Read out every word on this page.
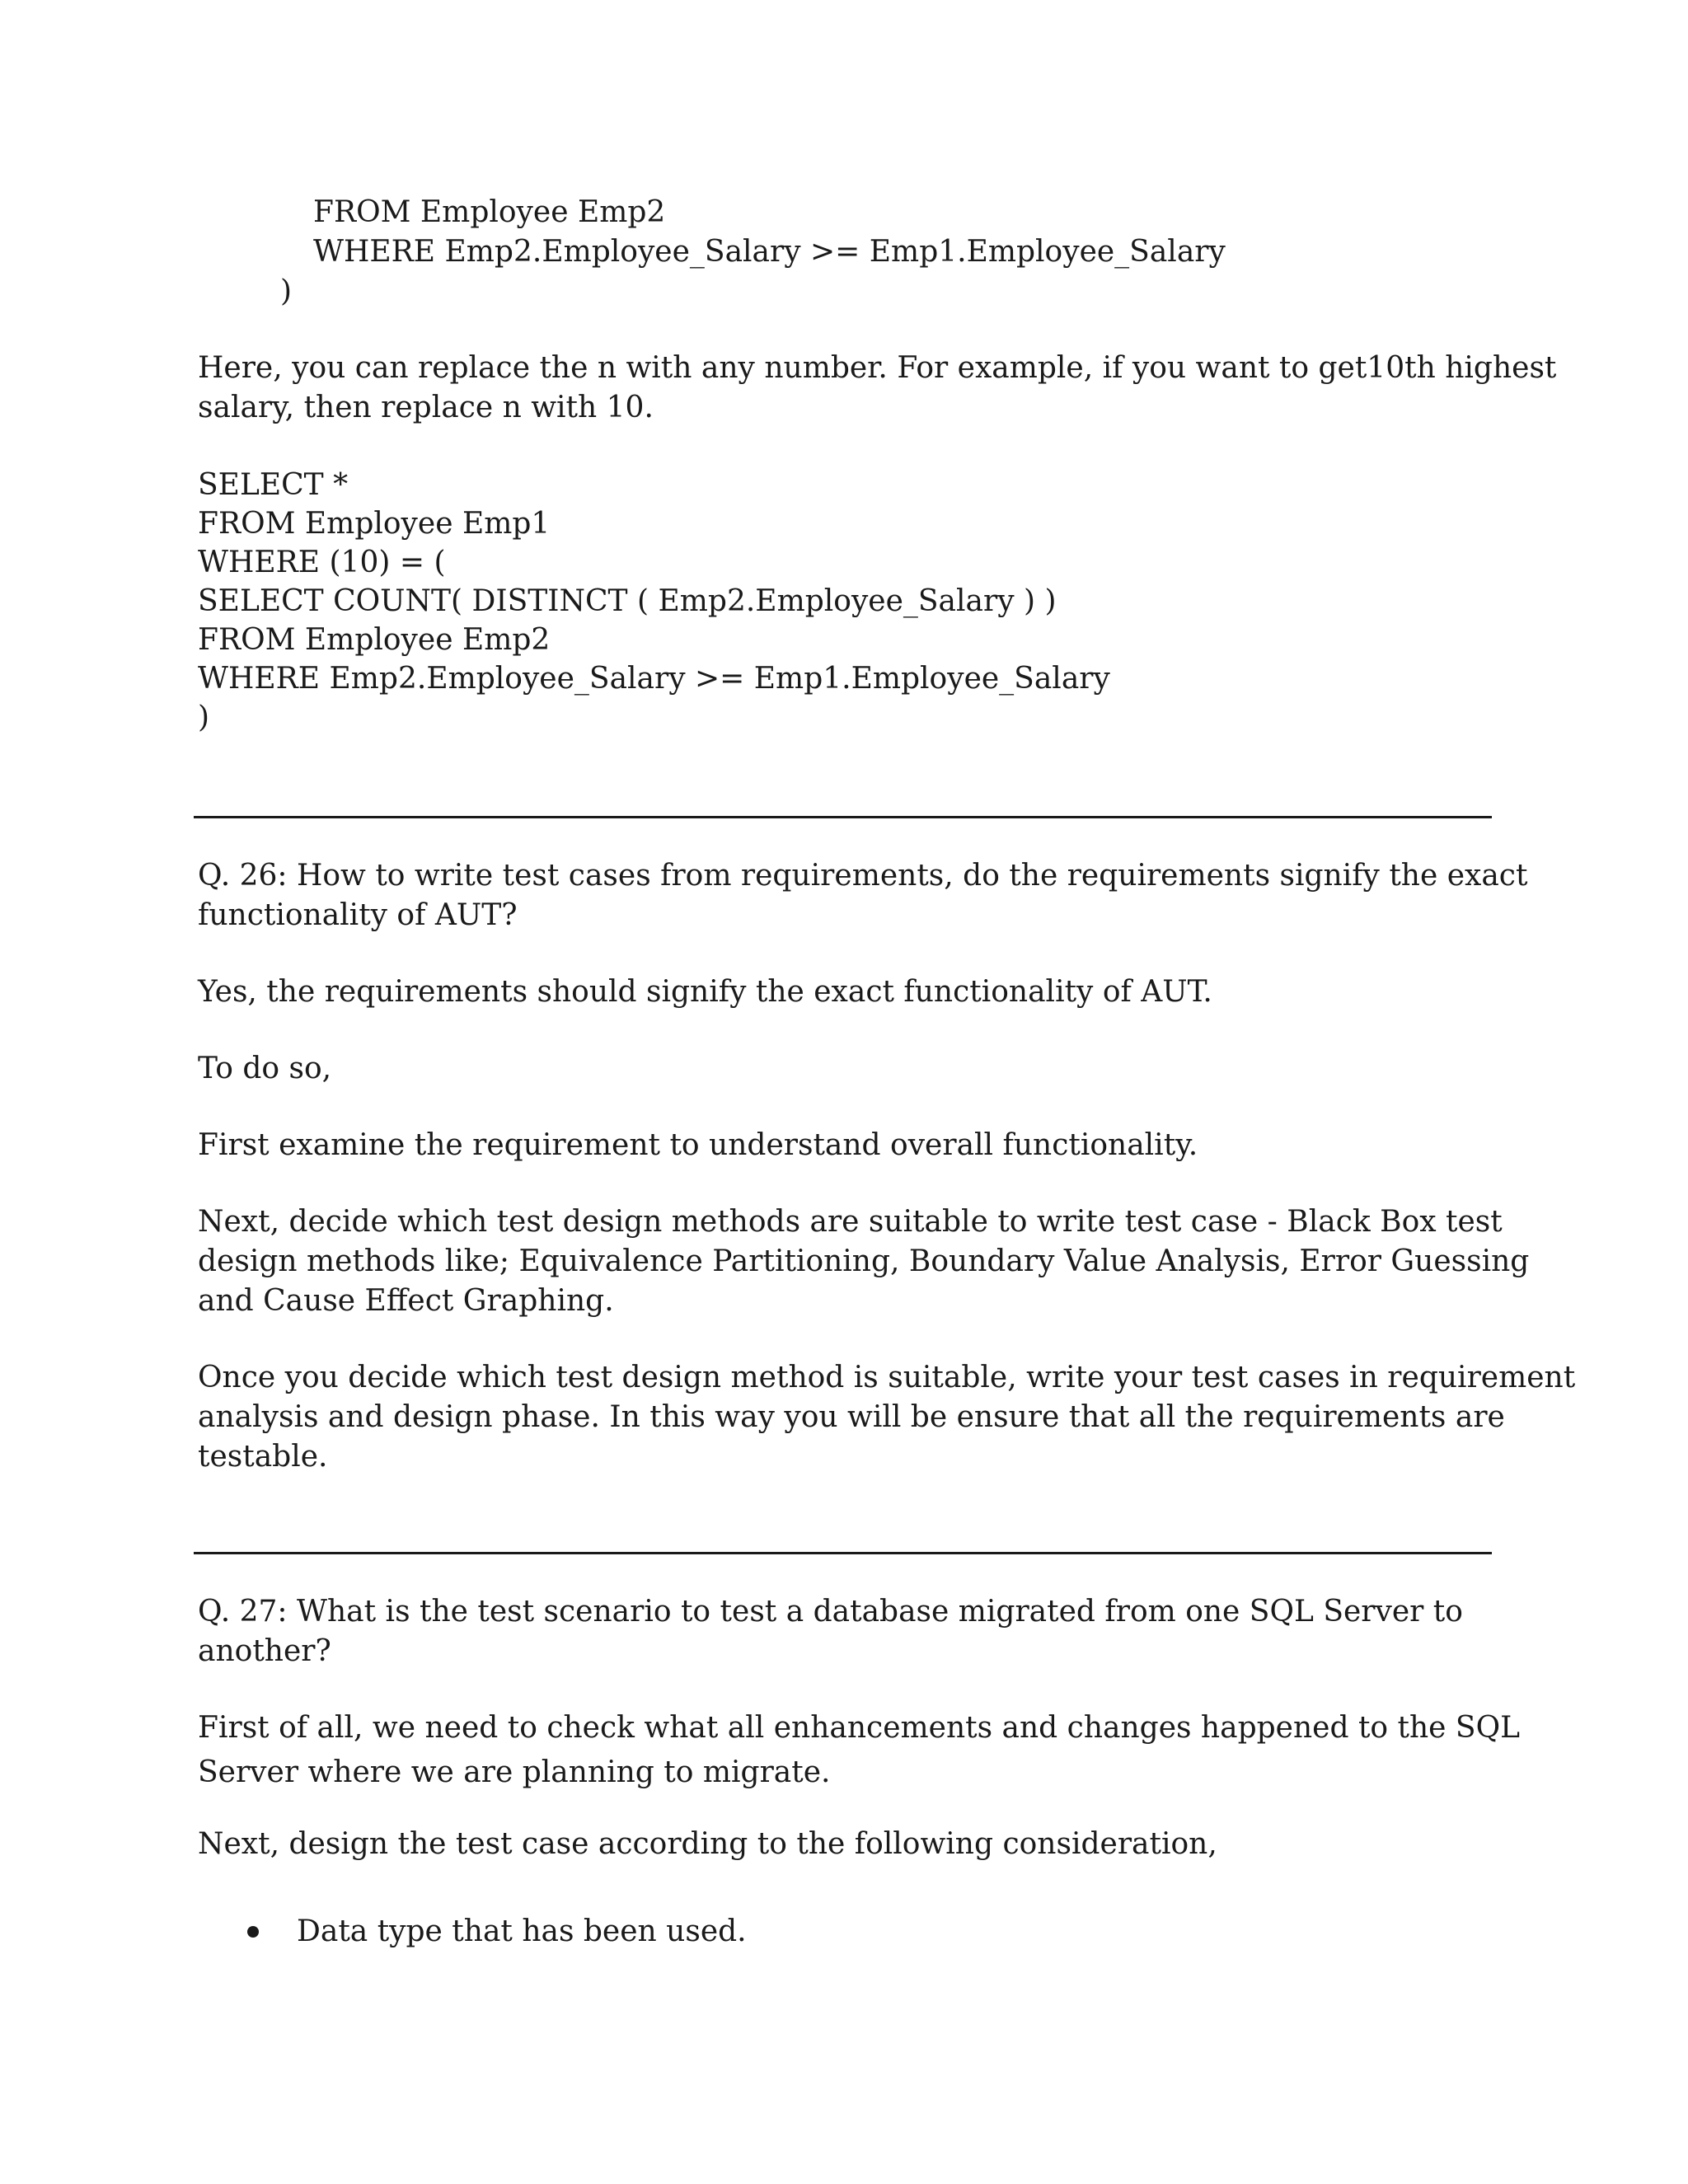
FROM Employee Emp2

WHERE Emp2.Employee_Salary >= Emp1.Employee_Salary

)

Here, you can replace the n with any number. For example, if you want to get10th highest

salary, then replace n with 10.

SELECT *

FROM Employee Emp1

WHERE (10) = (

SELECT COUNT( DISTINCT ( Emp2.Employee_Salary ) )

FROM Employee Emp2

WHERE Emp2.Employee_Salary >= Emp1.Employee_Salary

)

Q. 26: How to write test cases from requirements, do the requirements signify the exact

functionality of AUT?

Yes, the requirements should signify the exact functionality of AUT.

To do so,

First examine the requirement to understand overall functionality.

Next, decide which test design methods are suitable to write test case - Black Box test

design methods like; Equivalence Partitioning, Boundary Value Analysis, Error Guessing

and Cause Effect Graphing.

Once you decide which test design method is suitable, write your test cases in requirement

analysis and design phase. In this way you will be ensure that all the requirements are

testable.

Q. 27: What is the test scenario to test a database migrated from one SQL Server to

another?

First of all, we need to check what all enhancements and changes happened to the SQL

Server where we are planning to migrate.

Next, design the test case according to the following consideration,

Data type that has been used.
